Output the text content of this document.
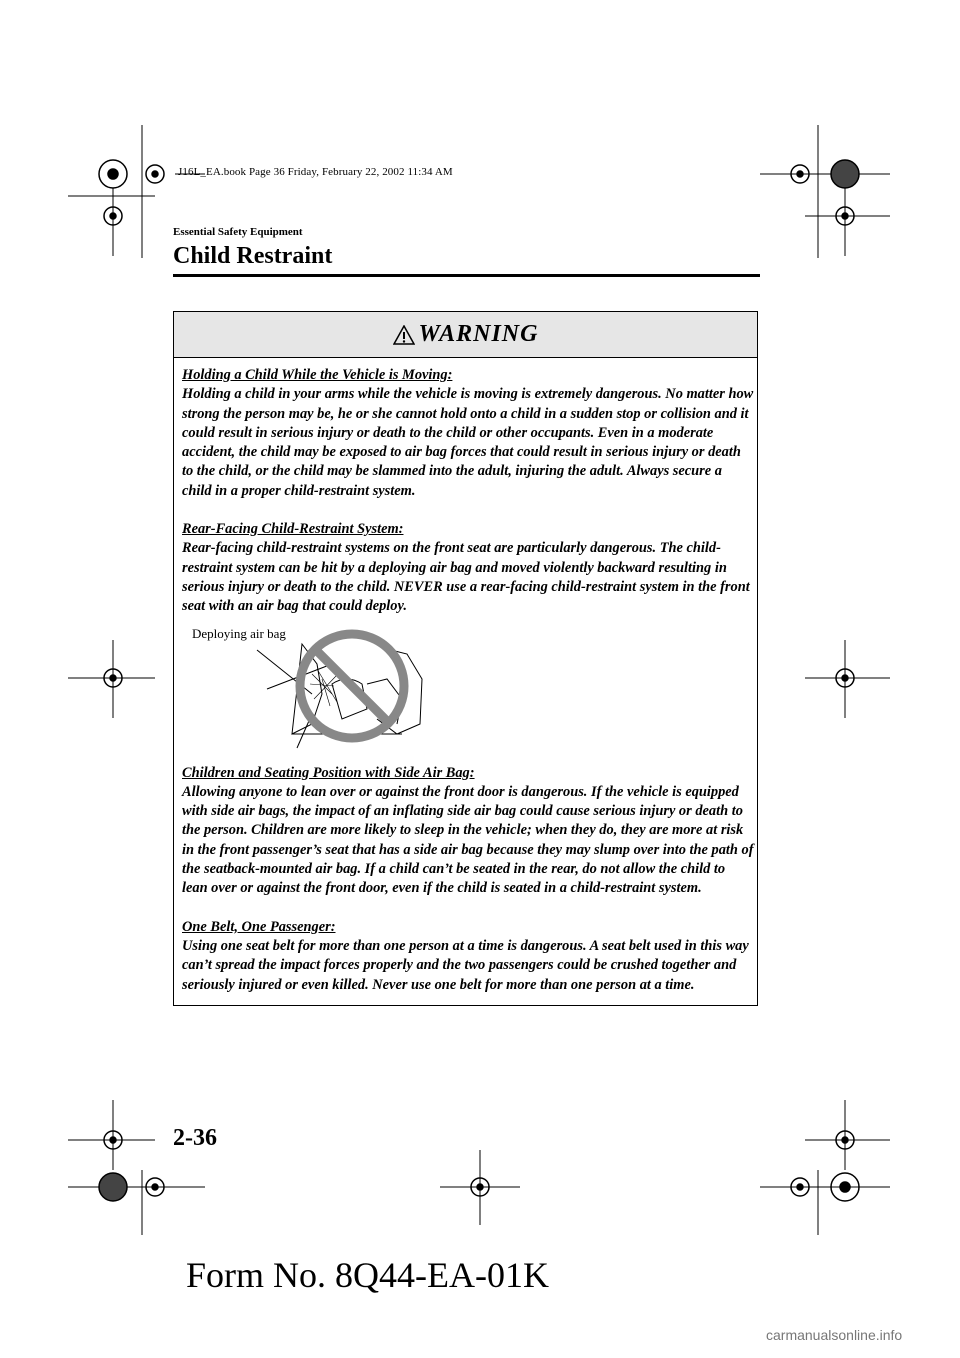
J16L_EA.book Page 36 Friday, February 22, 2002 11:34 AM
Essential Safety Equipment
Child Restraint
WARNING
Holding a Child While the Vehicle is Moving:
Holding a child in your arms while the vehicle is moving is extremely dangerous. No matter how strong the person may be, he or she cannot hold onto a child in a sudden stop or collision and it could result in serious injury or death to the child or other occupants. Even in a moderate accident, the child may be exposed to air bag forces that could result in serious injury or death to the child, or the child may be slammed into the adult, injuring the adult. Always secure a child in a proper child-restraint system.
Rear-Facing Child-Restraint System:
Rear-facing child-restraint systems on the front seat are particularly dangerous. The child-restraint system can be hit by a deploying air bag and moved violently backward resulting in serious injury or death to the child. NEVER use a rear-facing child-restraint system in the front seat with an air bag that could deploy.
Children and Seating Position with Side Air Bag:
Allowing anyone to lean over or against the front door is dangerous. If the vehicle is equipped with side air bags, the impact of an inflating side air bag could cause serious injury or death to the person. Children are more likely to sleep in the vehicle; when they do, they are more at risk in the front passenger’s seat that has a side air bag because they may slump over into the path of the seatback-mounted air bag. If a child can’t be seated in the rear, do not allow the child to lean over or against the front door, even if the child is seated in a child-restraint system.
One Belt, One Passenger:
Using one seat belt for more than one person at a time is dangerous. A seat belt used in this way can’t spread the impact forces properly and the two passengers could be crushed together and seriously injured or even killed. Never use one belt for more than one person at a time.
Deploying air bag
2-36
Form No. 8Q44-EA-01K
carmanualsonline.info
